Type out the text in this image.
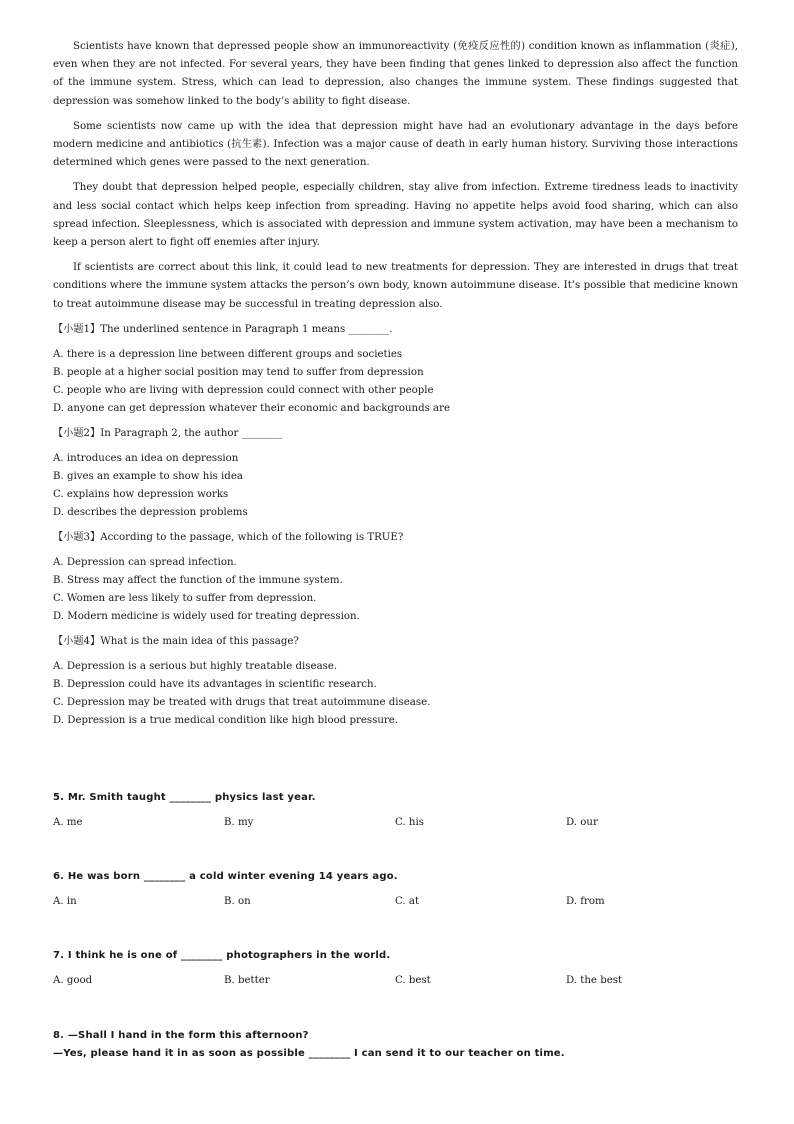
Scientists have known that depressed people show an immunoreactivity (免疫反应性的) condition known as inflammation (炎症), even when they are not infected. For several years, they have been finding that genes linked to depression also affect the function of the immune system. Stress, which can lead to depression, also changes the immune system. These findings suggested that depression was somehow linked to the body’s ability to fight disease.

Some scientists now came up with the idea that depression might have had an evolutionary advantage in the days before modern medicine and antibiotics (抗生素). Infection was a major cause of death in early human history. Surviving those interactions determined which genes were passed to the next generation.

They doubt that depression helped people, especially children, stay alive from infection. Extreme tiredness leads to inactivity and less social contact which helps keep infection from spreading. Having no appetite helps avoid food sharing, which can also spread infection. Sleeplessness, which is associated with depression and immune system activation, may have been a mechanism to keep a person alert to fight off enemies after injury.

If scientists are correct about this link, it could lead to new treatments for depression. They are interested in drugs that treat conditions where the immune system attacks the person’s own body, known autoimmune disease. It’s possible that medicine known to treat autoimmune disease may be successful in treating depression also.

【小题1】The underlined sentence in Paragraph 1 means ________.
A. there is a depression line between different groups and societies
B. people at a higher social position may tend to suffer from depression
C. people who are living with depression could connect with other people
D. anyone can get depression whatever their economic and backgrounds are
【小题2】In Paragraph 2, the author ________
A. introduces an idea on depression
B. gives an example to show his idea
C. explains how depression works
D. describes the depression problems
【小题3】According to the passage, which of the following is TRUE?
A. Depression can spread infection.
B. Stress may affect the function of the immune system.
C. Women are less likely to suffer from depression.
D. Modern medicine is widely used for treating depression.
【小题4】What is the main idea of this passage?
A. Depression is a serious but highly treatable disease.
B. Depression could have its advantages in scientific research.
C. Depression may be treated with drugs that treat autoimmune disease.
D. Depression is a true medical condition like high blood pressure.
5. Mr. Smith taught ________ physics last year.
A. me	B. my	C. his	D. our
6. He was born ________ a cold winter evening 14 years ago.
A. in	B. on	C. at	D. from
7. I think he is one of ________ photographers in the world.
A. good	B. better	C. best	D. the best
8. —Shall I hand in the form this afternoon?
—Yes, please hand it in as soon as possible ________ I can send it to our teacher on time.
